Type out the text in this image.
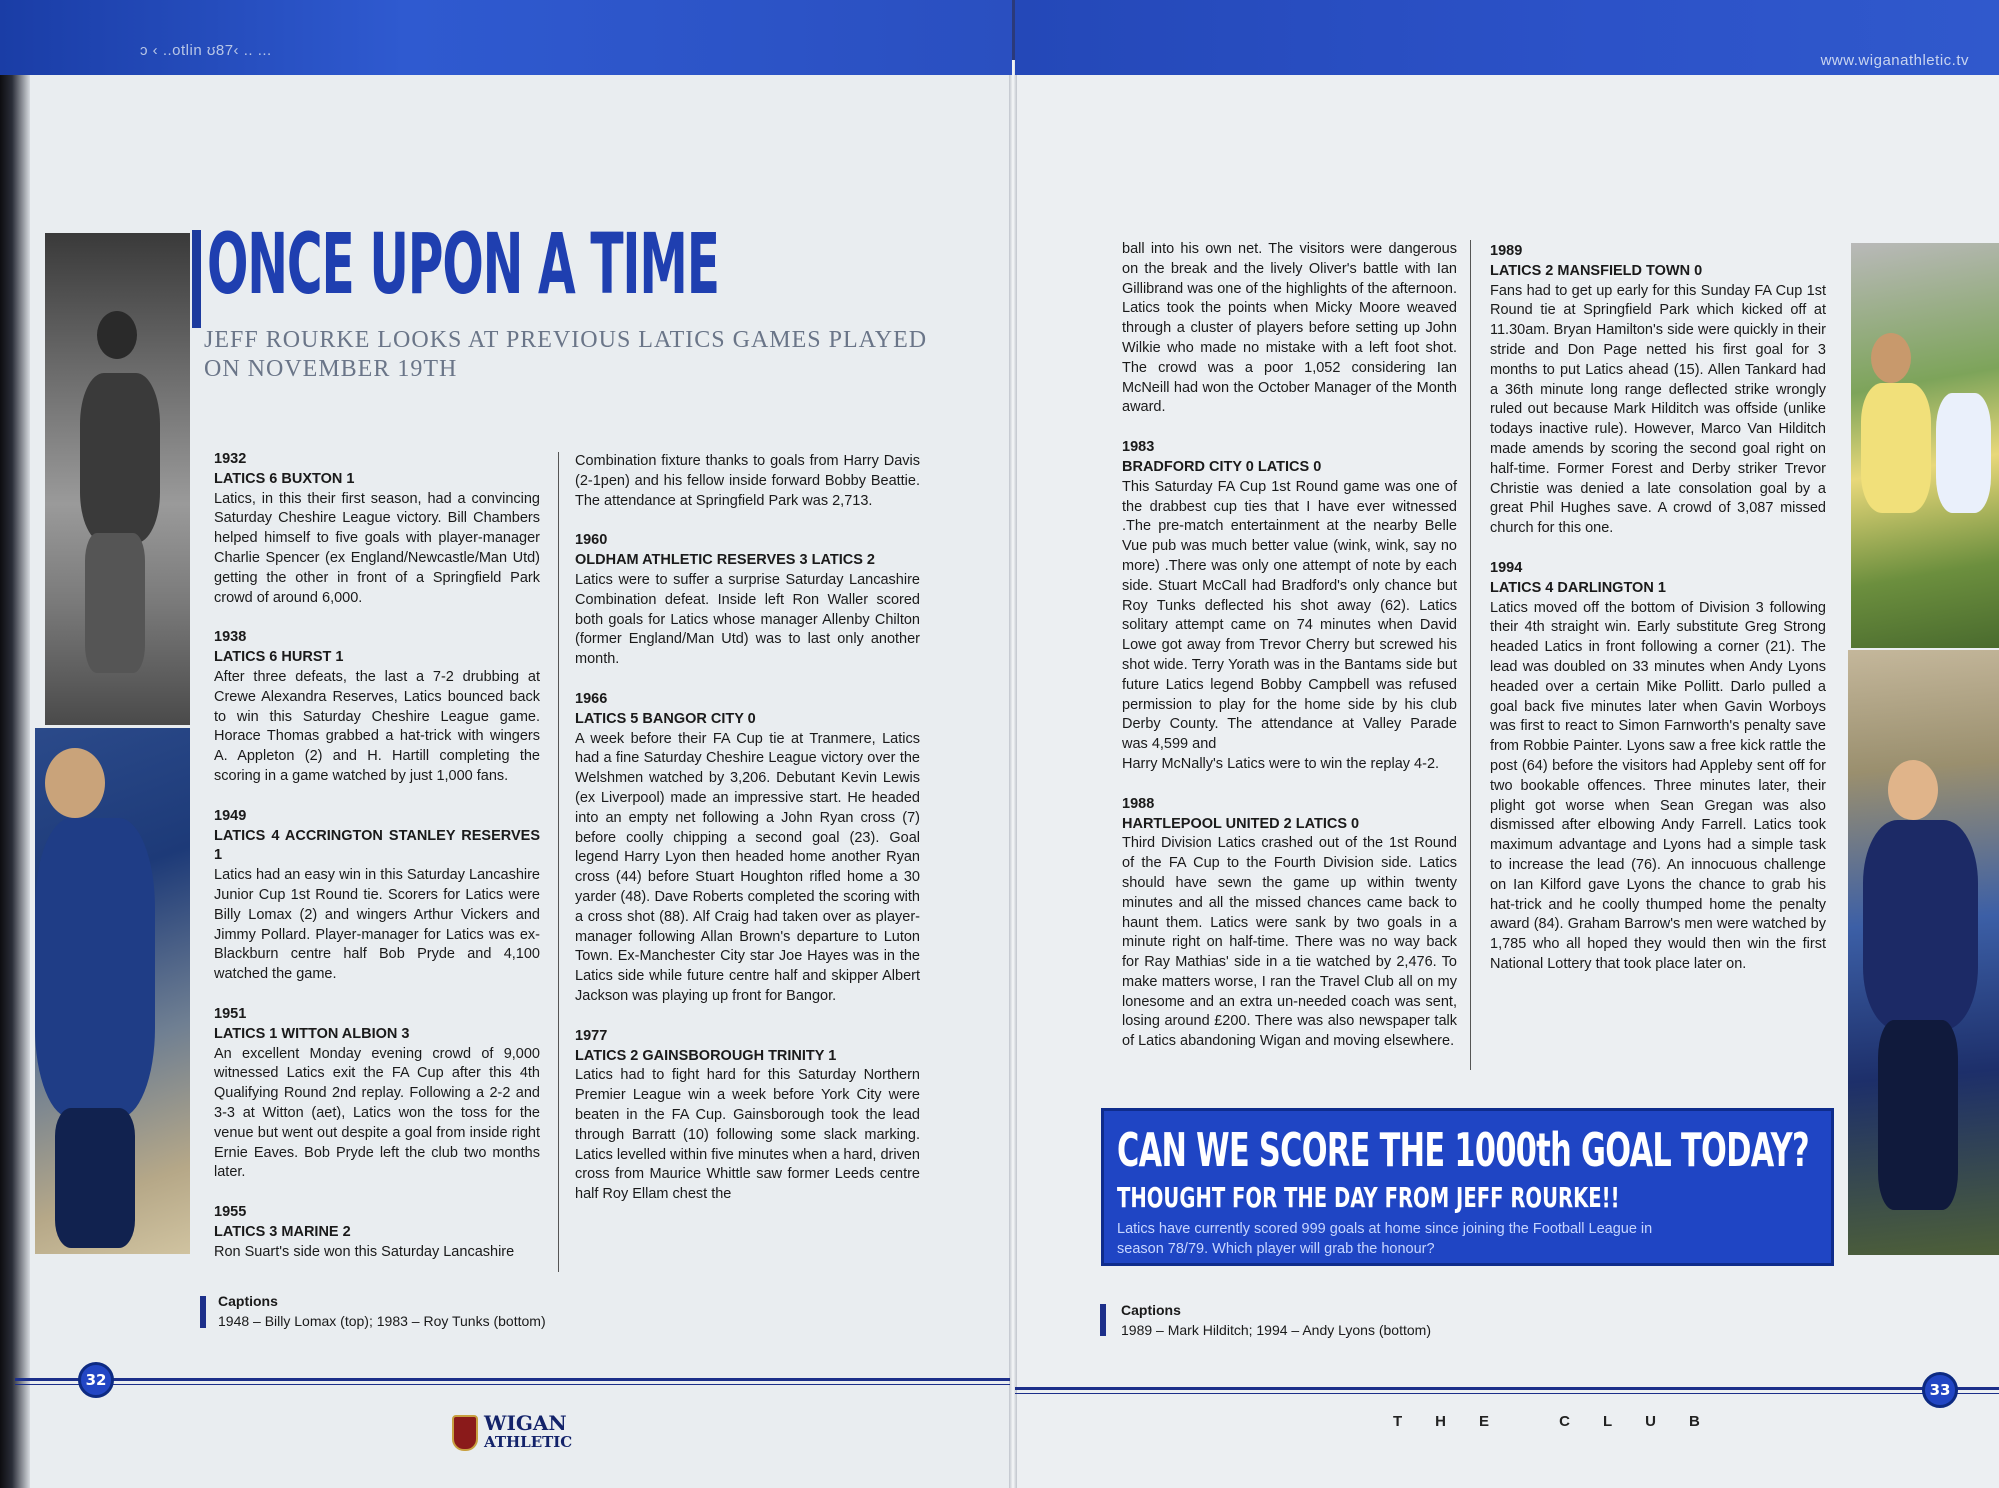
ɔ ‹ ..otlin ʊ87‹ .. ...
www.wiganathletic.tv
ONCE UPON A TIME
JEFF ROURKE LOOKS AT PREVIOUS LATICS GAMES PLAYED ON NOVEMBER 19TH
1932
LATICS 6 BUXTON 1

Latics, in this their first season, had a convincing Saturday Cheshire League victory. Bill Chambers helped himself to five goals with player-manager Charlie Spencer (ex England/Newcastle/Man Utd) getting the other in front of a Springfield Park crowd of around 6,000.

1938
LATICS 6 HURST 1

After three defeats, the last a 7-2 drubbing at Crewe Alexandra Reserves, Latics bounced back to win this Saturday Cheshire League game. Horace Thomas grabbed a hat-trick with wingers A. Appleton (2) and H. Hartill completing the scoring in a game watched by just 1,000 fans.

1949
LATICS 4 ACCRINGTON STANLEY RESERVES 1

Latics had an easy win in this Saturday Lancashire Junior Cup 1st Round tie. Scorers for Latics were Billy Lomax (2) and wingers Arthur Vickers and Jimmy Pollard. Player-manager for Latics was ex- Blackburn centre half Bob Pryde and 4,100 watched the game.

1951
LATICS 1 WITTON ALBION 3

An excellent Monday evening crowd of 9,000 witnessed Latics exit the FA Cup after this 4th Qualifying Round 2nd replay. Following a 2-2 and 3-3 at Witton (aet), Latics won the toss for the venue but went out despite a goal from inside right Ernie Eaves. Bob Pryde left the club two months later.

1955
LATICS 3 MARINE 2

Ron Suart's side won this Saturday Lancashire

Combination fixture thanks to goals from Harry Davis (2-1pen) and his fellow inside forward Bobby Beattie. The attendance at Springfield Park was 2,713.

1960
OLDHAM ATHLETIC RESERVES 3 LATICS 2

Latics were to suffer a surprise Saturday Lancashire Combination defeat. Inside left Ron Waller scored both goals for Latics whose manager Allenby Chilton (former England/Man Utd) was to last only another month.

1966
LATICS 5 BANGOR CITY 0

A week before their FA Cup tie at Tranmere, Latics had a fine Saturday Cheshire League victory over the Welshmen watched by 3,206. Debutant Kevin Lewis (ex Liverpool) made an impressive start. He headed into an empty net following a John Ryan cross (7) before coolly chipping a second goal (23). Goal legend Harry Lyon then headed home another Ryan cross (44) before Stuart Houghton rifled home a 30 yarder (48). Dave Roberts completed the scoring with a cross shot (88). Alf Craig had taken over as player-manager following Allan Brown's departure to Luton Town. Ex-Manchester City star Joe Hayes was in the Latics side while future centre half and skipper Albert Jackson was playing up front for Bangor.

1977
LATICS 2 GAINSBOROUGH TRINITY 1

Latics had to fight hard for this Saturday Northern Premier League win a week before York City were beaten in the FA Cup. Gainsborough took the lead through Barratt (10) following some slack marking. Latics levelled within five minutes when a hard, driven cross from Maurice Whittle saw former Leeds centre half Roy Ellam chest the

ball into his own net. The visitors were dangerous on the break and the lively Oliver's battle with Ian Gillibrand was one of the highlights of the afternoon. Latics took the points when Micky Moore weaved through a cluster of players before setting up John Wilkie who made no mistake with a left foot shot. The crowd was a poor 1,052 considering Ian McNeill had won the October Manager of the Month award.

1983
BRADFORD CITY 0 LATICS 0

This Saturday FA Cup 1st Round game was one of the drabbest cup ties that I have ever witnessed .The pre-match entertainment at the nearby Belle Vue pub was much better value (wink, wink, say no more) .There was only one attempt of note by each side. Stuart McCall had Bradford's only chance but Roy Tunks deflected his shot away (62). Latics solitary attempt came on 74 minutes when David Lowe got away from Trevor Cherry but screwed his shot wide. Terry Yorath was in the Bantams side but future Latics legend Bobby Campbell was refused permission to play for the home side by his club Derby County. The attendance at Valley Parade was 4,599 and

Harry McNally's Latics were to win the replay 4-2.

1988
HARTLEPOOL UNITED 2 LATICS 0

Third Division Latics crashed out of the 1st Round of the FA Cup to the Fourth Division side. Latics should have sewn the game up within twenty minutes and all the missed chances came back to haunt them. Latics were sank by two goals in a minute right on half-time. There was no way back for Ray Mathias' side in a tie watched by 2,476. To make matters worse, I ran the Travel Club all on my lonesome and an extra un-needed coach was sent, losing around £200. There was also newspaper talk of Latics abandoning Wigan and moving elsewhere.

1989
LATICS 2 MANSFIELD TOWN 0

Fans had to get up early for this Sunday FA Cup 1st Round tie at Springfield Park which kicked off at 11.30am. Bryan Hamilton's side were quickly in their stride and Don Page netted his first goal for 3 months to put Latics ahead (15). Allen Tankard had a 36th minute long range deflected strike wrongly ruled out because Mark Hilditch was offside (unlike todays inactive rule). However, Marco Van Hilditch made amends by scoring the second goal right on half-time. Former Forest and Derby striker Trevor Christie was denied a late consolation goal by a great Phil Hughes save. A crowd of 3,087 missed church for this one.

1994
LATICS 4 DARLINGTON 1

Latics moved off the bottom of Division 3 following their 4th straight win. Early substitute Greg Strong headed Latics in front following a corner (21). The lead was doubled on 33 minutes when Andy Lyons headed over a certain Mike Pollitt. Darlo pulled a goal back five minutes later when Gavin Worboys was first to react to Simon Farnworth's penalty save from Robbie Painter. Lyons saw a free kick rattle the post (64) before the visitors had Appleby sent off for two bookable offences. Three minutes later, their plight got worse when Sean Gregan was also dismissed after elbowing Andy Farrell. Latics took maximum advantage and Lyons had a simple task to increase the lead (76). An innocuous challenge on Ian Kilford gave Lyons the chance to grab his hat-trick and he coolly thumped home the penalty award (84). Graham Barrow's men were watched by 1,785 who all hoped they would then win the first National Lottery that took place later on.

CAN WE SCORE THE 1000th GOAL TODAY?
THOUGHT FOR THE DAY FROM JEFF ROURKE!!
Latics have currently scored 999 goals at home since joining the Football League in season 78/79. Which player will grab the honour?
Captions
1948 – Billy Lomax (top); 1983 – Roy Tunks (bottom)
Captions
1989 – Mark Hilditch; 1994 – Andy Lyons (bottom)
32
33
WIGAN
ATHLETIC
THE CLUB
